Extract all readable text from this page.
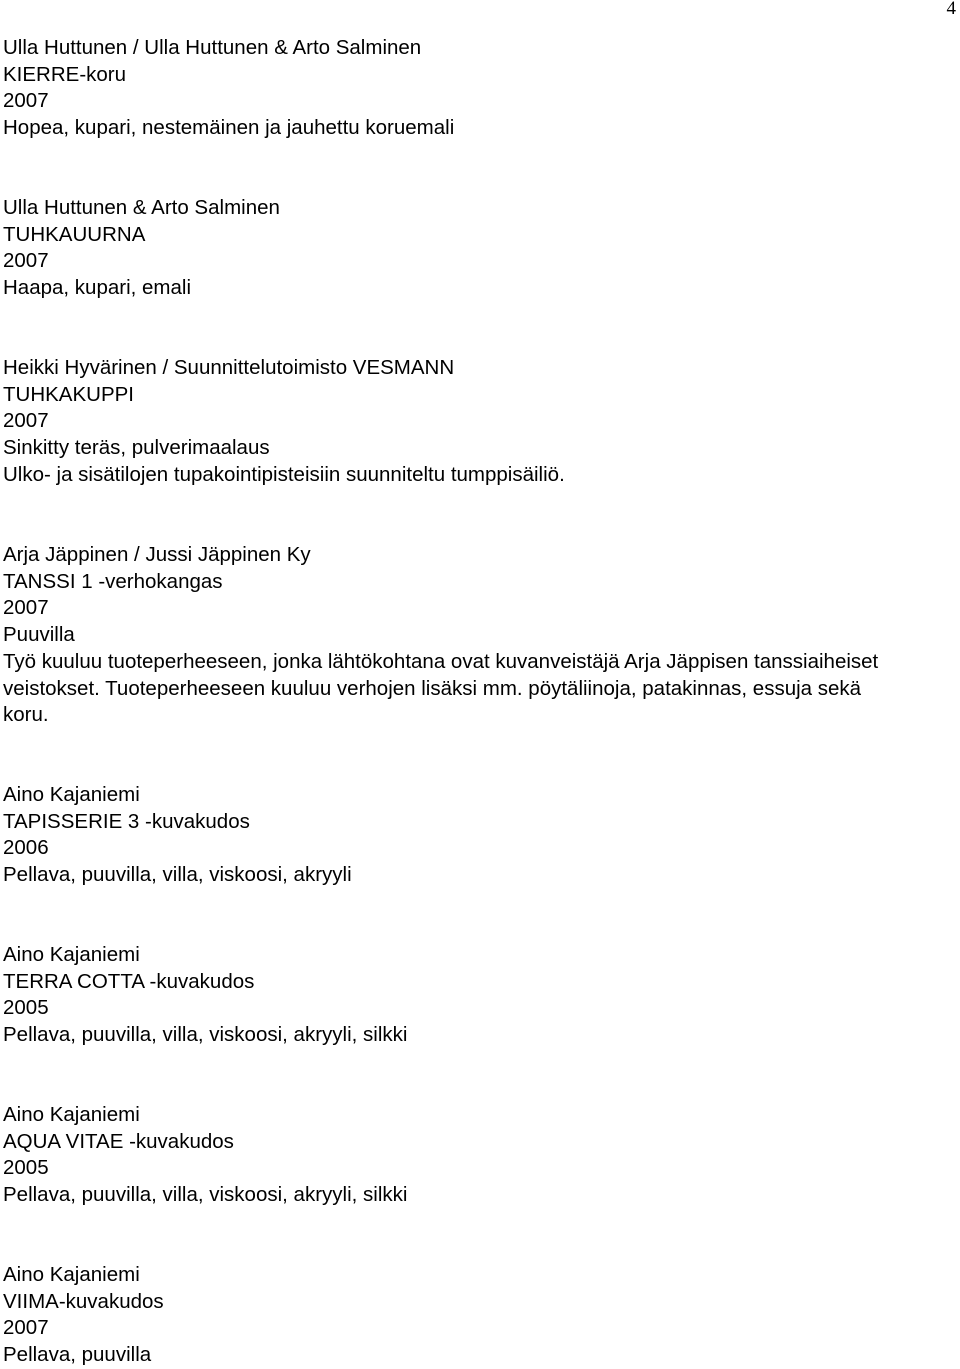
4
Ulla Huttunen / Ulla Huttunen & Arto Salminen
KIERRE-koru
2007
Hopea, kupari, nestemäinen ja jauhettu koruemali
Ulla Huttunen & Arto Salminen
TUHKAUURNA
2007
Haapa, kupari, emali
Heikki Hyvärinen / Suunnittelutoimisto VESMANN
TUHKAKUPPI
2007
Sinkitty teräs, pulverimaalaus
Ulko- ja sisätilojen tupakointipisteisiin suunniteltu tumppisäiliö.
Arja Jäppinen / Jussi Jäppinen Ky
TANSSI 1 -verhokangas
2007
Puuvilla
Työ kuuluu tuoteperheeseen, jonka lähtökohtana ovat kuvanveistäjä Arja Jäppisen tanssiaiheiset veistokset. Tuoteperheeseen kuuluu verhojen lisäksi mm. pöytäliinoja, patakinnas, essuja sekä koru.
Aino Kajaniemi
TAPISSERIE 3 -kuvakudos
2006
Pellava, puuvilla, villa, viskoosi, akryyli
Aino Kajaniemi
TERRA COTTA -kuvakudos
2005
Pellava, puuvilla, villa, viskoosi, akryyli, silkki
Aino Kajaniemi
AQUA VITAE -kuvakudos
2005
Pellava, puuvilla, villa, viskoosi, akryyli, silkki
Aino Kajaniemi
VIIMA-kuvakudos
2007
Pellava, puuvilla
